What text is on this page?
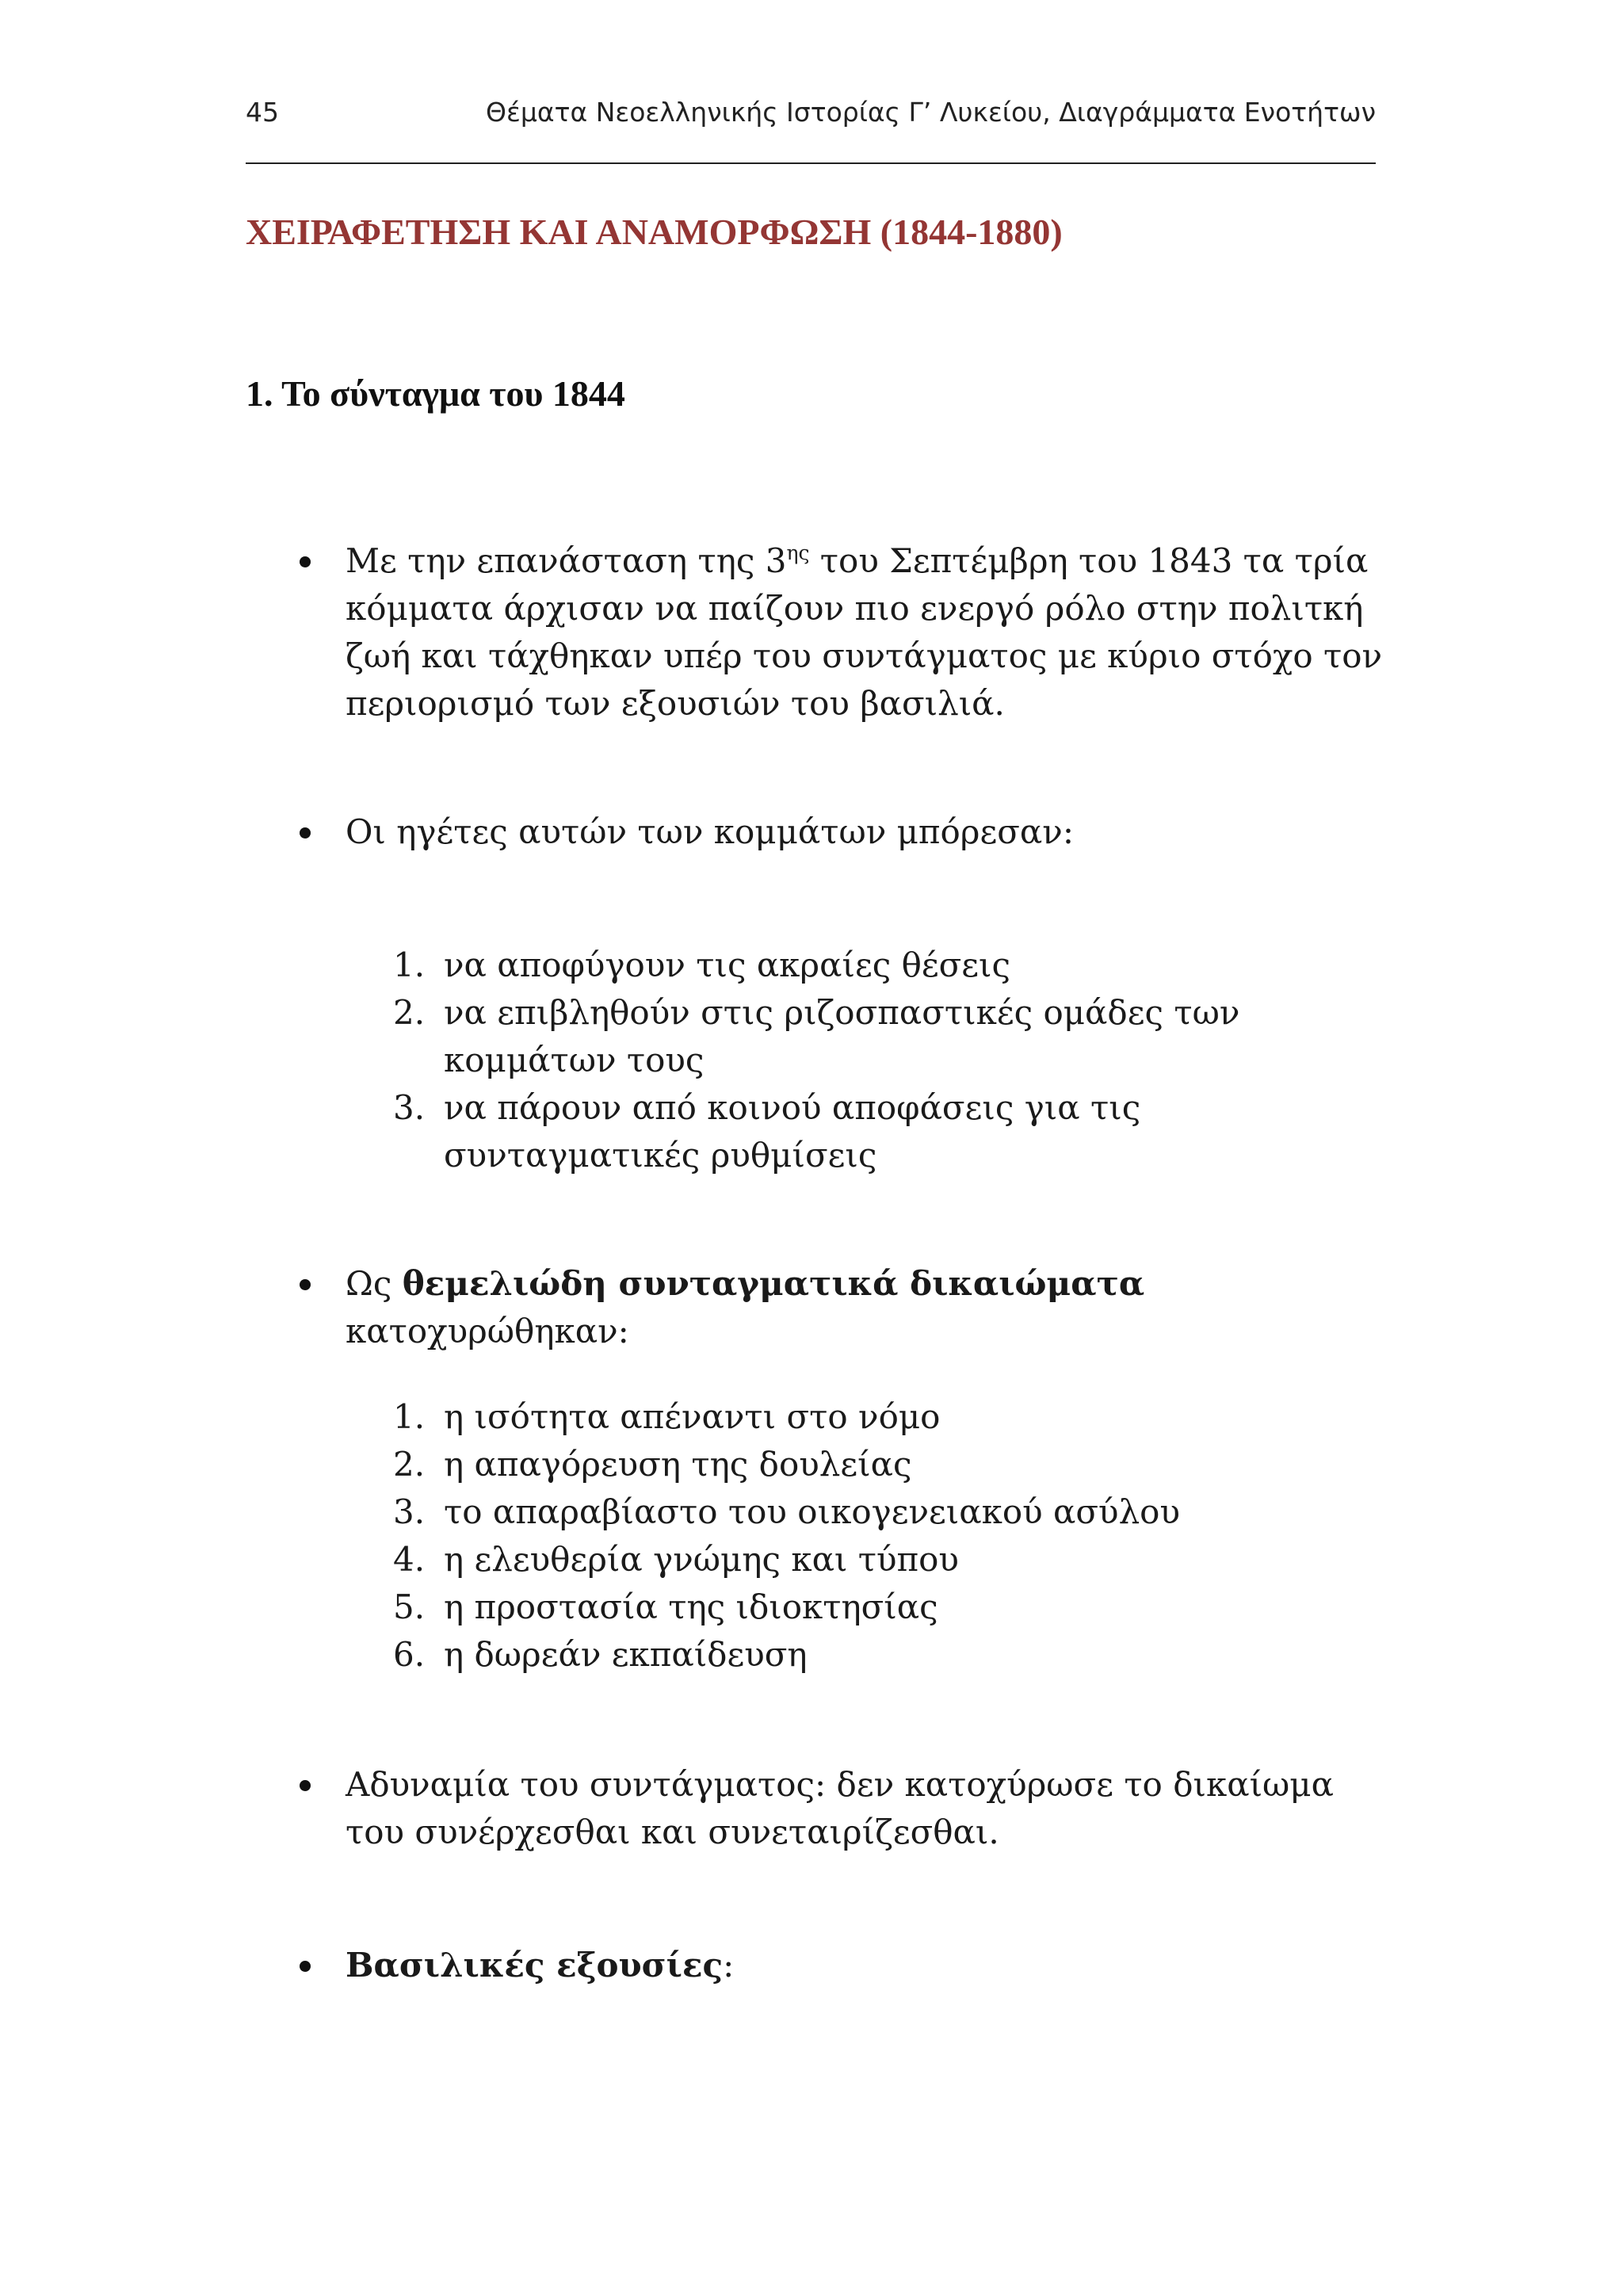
45	Θέματα Νεοελληνικής Ιστορίας Γ’ Λυκείου, Διαγράμματα Ενοτήτων
ΧΕΙΡΑΦΕΤΗΣΗ ΚΑΙ ΑΝΑΜΟΡΦΩΣΗ (1844-1880)
1. Το σύνταγμα του 1844
Με την επανάσταση της $3^{\eta\varsigma}$ του Σεπτέμβρη του 1843 τα τρία κόμματα άρχισαν να παίζουν πιο ενεργό ρόλο στην πολιτκή ζωή και τάχθηκαν υπέρ του συντάγματος με κύριο στόχο τον περιορισμό των εξουσιών του βασιλιά.
Οι ηγέτες αυτών των κομμάτων μπόρεσαν:
1. να αποφύγουν τις ακραίες θέσεις
2. να επιβληθούν στις ριζοσπαστικές ομάδες των κομμάτων τους
3. να πάρουν από κοινού αποφάσεις για τις συνταγματικές ρυθμίσεις
Ως θεμελιώδη συνταγματικά δικαιώματα κατοχυρώθηκαν:
1. η ισότητα απέναντι στο νόμο
2. η απαγόρευση της δουλείας
3. το απαραβίαστο του οικογενειακού ασύλου
4. η ελευθερία γνώμης και τύπου
5. η προστασία της ιδιοκτησίας
6. η δωρεάν εκπαίδευση
Αδυναμία του συντάγματος: δεν κατοχύρωσε το δικαίωμα του συνέρχεσθαι και συνεταιρίζεσθαι.
Βασιλικές εξουσίες:
